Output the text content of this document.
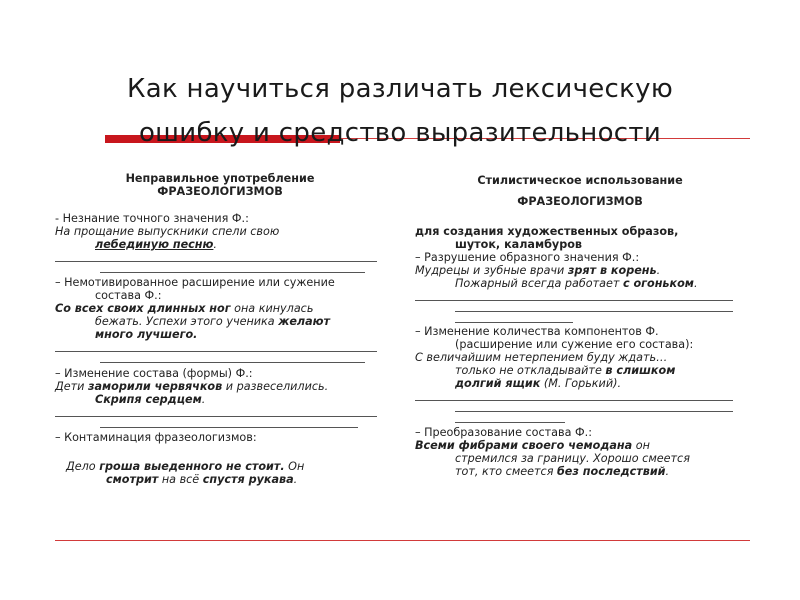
Как научиться различать лексическую
ошибку и средство выразительности
Неправильное употребление
ФРАЗЕОЛОГИЗМОВ
- Незнание точного значения Ф.:
На прощание выпускники спели свою
лебединую песню.
– Немотивированное расширение или сужение
состава Ф.:
Со всех своих длинных ног она кинулась
бежать. Успехи этого ученика желают
много лучшего.
– Изменение состава (формы) Ф.:
Дети заморили червячков и развеселились.
Скрипя сердцем.
– Контаминация фразеологизмов:
Дело гроша выеденного не стоит. Он
смотрит на всё спустя рукава.
Стилистическое использование
ФРАЗЕОЛОГИЗМОВ
для создания художественных образов,
шуток, каламбуров
– Разрушение образного значения Ф.:
Мудрецы и зубные врачи зрят в корень.
Пожарный всегда работает с огоньком.
– Изменение количества компонентов Ф.
(расширение или сужение его состава):
С величайшим нетерпением буду ждать…
только не откладывайте в слишком
долгий ящик (М. Горький).
– Преобразование состава Ф.:
Всеми фибрами своего чемодана он
стремился за границу. Хорошо смеется
тот, кто смеется без последствий.
